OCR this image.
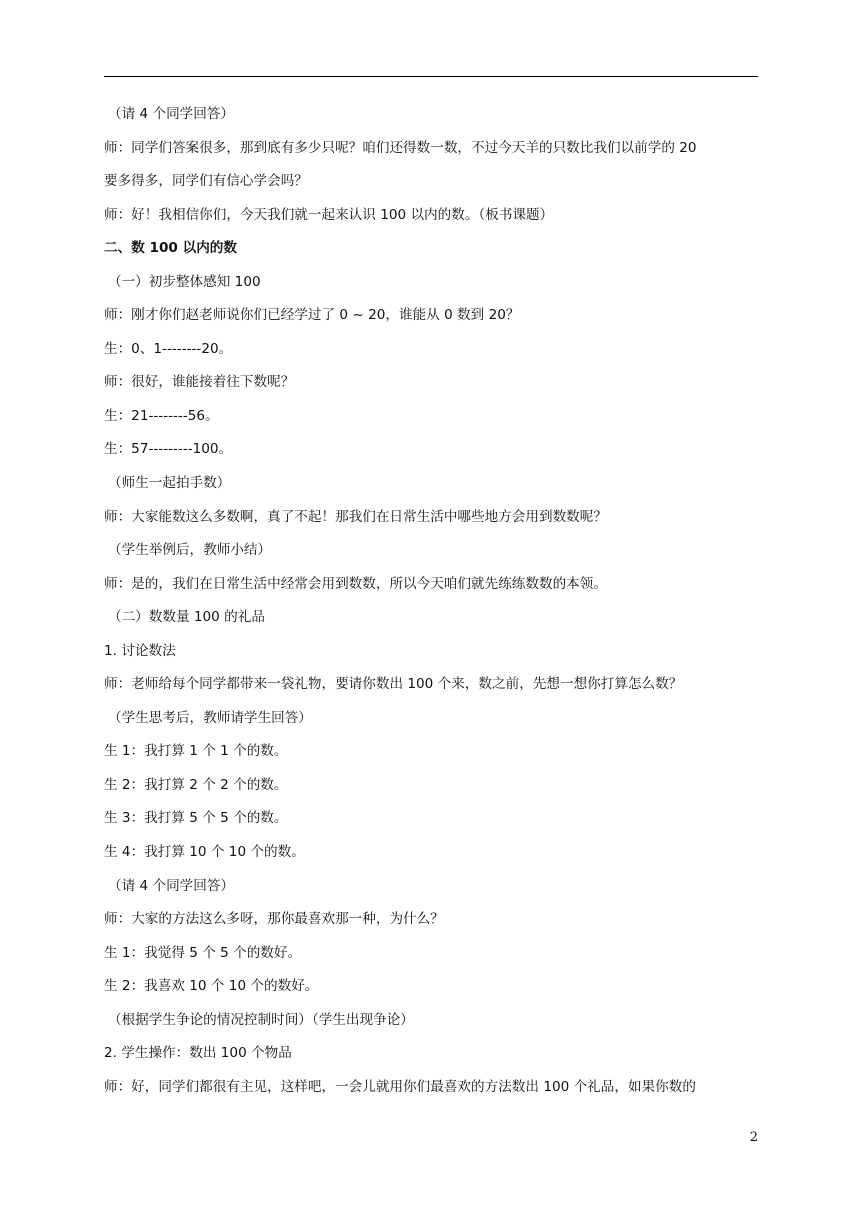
（请 4 个同学回答）

师：同学们答案很多，那到底有多少只呢？咱们还得数一数，不过今天羊的只数比我们以前学的 20

要多得多，同学们有信心学会吗？

师：好！我相信你们，今天我们就一起来认识 100 以内的数。（板书课题）

二、数 100 以内的数

（一）初步整体感知 100

师：刚才你们赵老师说你们已经学过了 0 ~ 20，谁能从 0 数到 20？

生：0、1--------20。

师：很好，谁能接着往下数呢？

生：21--------56。

生：57---------100。

（师生一起拍手数）

师：大家能数这么多数啊，真了不起！那我们在日常生活中哪些地方会用到数数呢？

（学生举例后，教师小结）

师：是的，我们在日常生活中经常会用到数数，所以今天咱们就先练练数数的本领。

（二）数数量 100 的礼品

1. 讨论数法

师：老师给每个同学都带来一袋礼物，要请你数出 100 个来，数之前，先想一想你打算怎么数？

（学生思考后，教师请学生回答）

生 1：我打算 1 个 1 个的数。

生 2：我打算 2 个 2 个的数。

生 3：我打算 5 个 5 个的数。

生 4：我打算 10 个 10 个的数。

（请 4 个同学回答）

师：大家的方法这么多呀，那你最喜欢那一种，为什么？

生 1：我觉得 5 个 5 个的数好。

生 2：我喜欢 10 个 10 个的数好。

（根据学生争论的情况控制时间）（学生出现争论）

2. 学生操作：数出 100 个物品

师：好，同学们都很有主见，这样吧，一会儿就用你们最喜欢的方法数出 100 个礼品，如果你数的

2
